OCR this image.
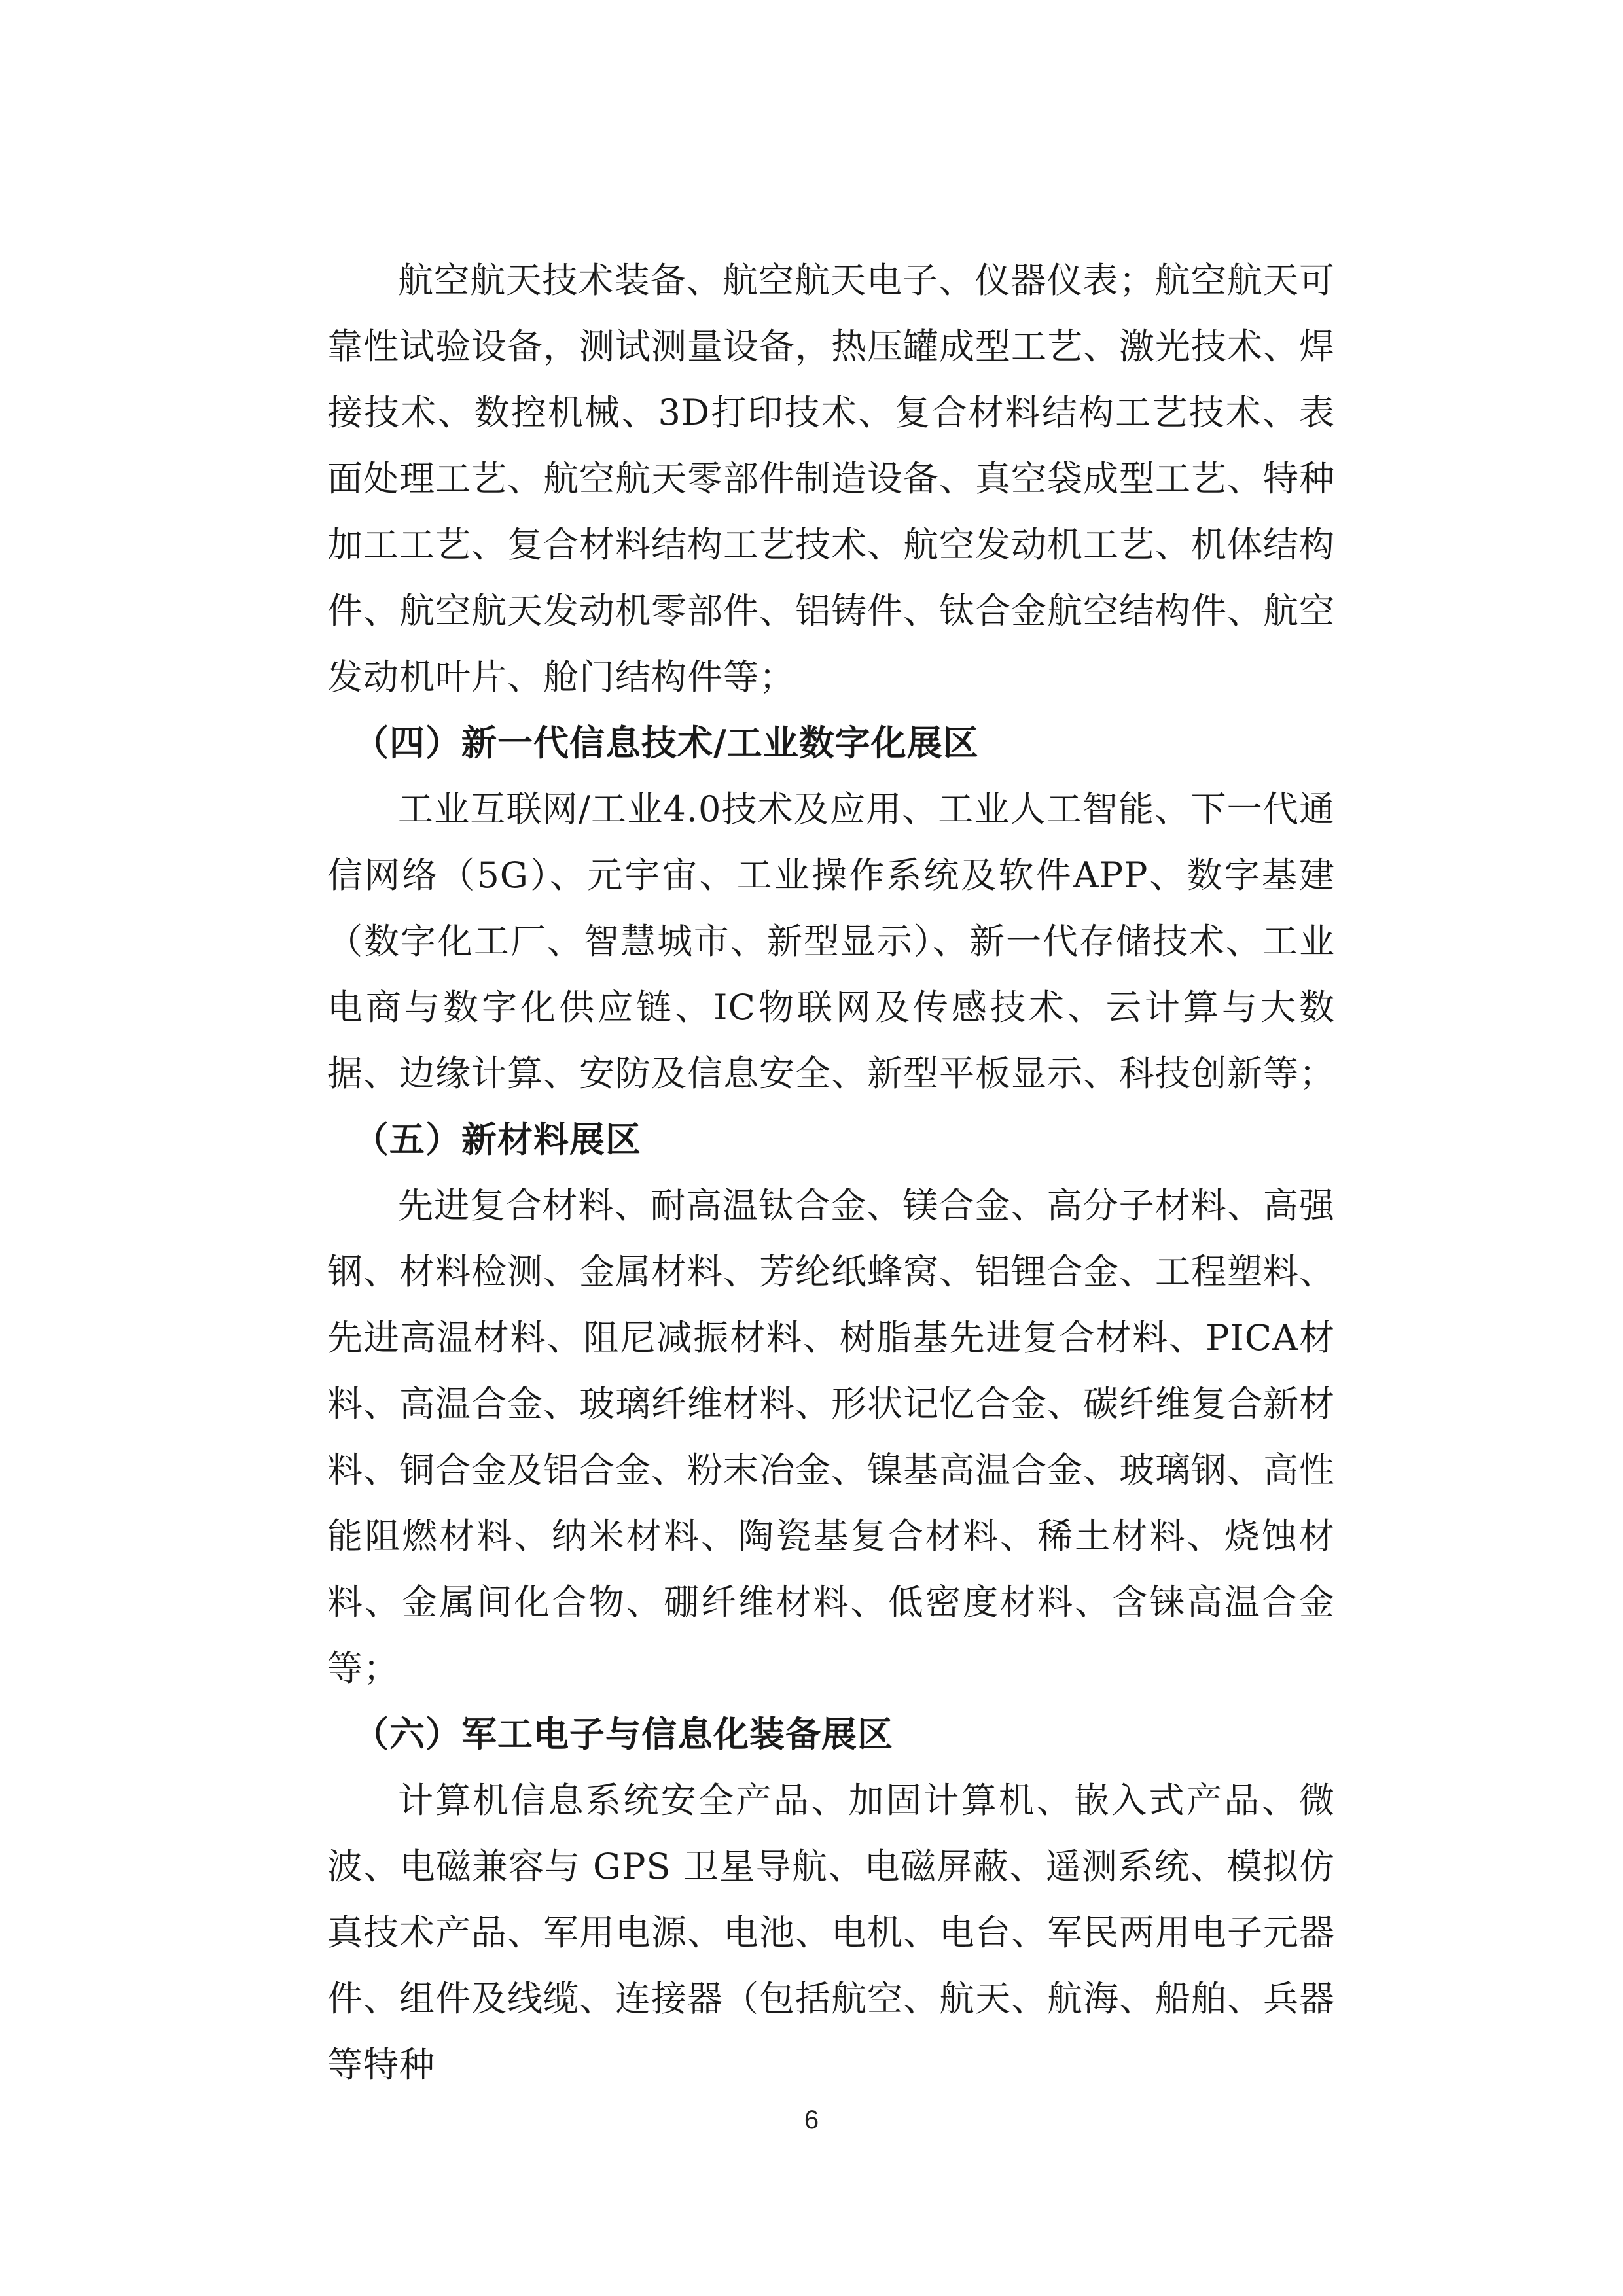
航空航天技术装备、航空航天电子、仪器仪表；航空航天可靠性试验设备，测试测量设备，热压罐成型工艺、激光技术、焊接技术、数控机械、3D打印技术、复合材料结构工艺技术、表面处理工艺、航空航天零部件制造设备、真空袋成型工艺、特种加工工艺、复合材料结构工艺技术、航空发动机工艺、机体结构件、航空航天发动机零部件、铝铸件、钛合金航空结构件、航空发动机叶片、舱门结构件等；

（四）新一代信息技术/工业数字化展区

工业互联网/工业4.0技术及应用、工业人工智能、下一代通信网络（5G）、元宇宙、工业操作系统及软件APP、数字基建（数字化工厂、智慧城市、新型显示）、新一代存储技术、工业电商与数字化供应链、IC物联网及传感技术、云计算与大数据、边缘计算、安防及信息安全、新型平板显示、科技创新等；

（五）新材料展区

先进复合材料、耐高温钛合金、镁合金、高分子材料、高强钢、材料检测、金属材料、芳纶纸蜂窝、铝锂合金、工程塑料、先进高温材料、阻尼减振材料、树脂基先进复合材料、PICA材料、高温合金、玻璃纤维材料、形状记忆合金、碳纤维复合新材料、铜合金及铝合金、粉末冶金、镍基高温合金、玻璃钢、高性能阻燃材料、纳米材料、陶瓷基复合材料、稀土材料、烧蚀材料、金属间化合物、硼纤维材料、低密度材料、含铼高温合金等；

（六）军工电子与信息化装备展区

计算机信息系统安全产品、加固计算机、嵌入式产品、微波、电磁兼容与 GPS 卫星导航、电磁屏蔽、遥测系统、模拟仿真技术产品、军用电源、电池、电机、电台、军民两用电子元器件、组件及线缆、连接器（包括航空、航天、航海、船舶、兵器等特种

6
